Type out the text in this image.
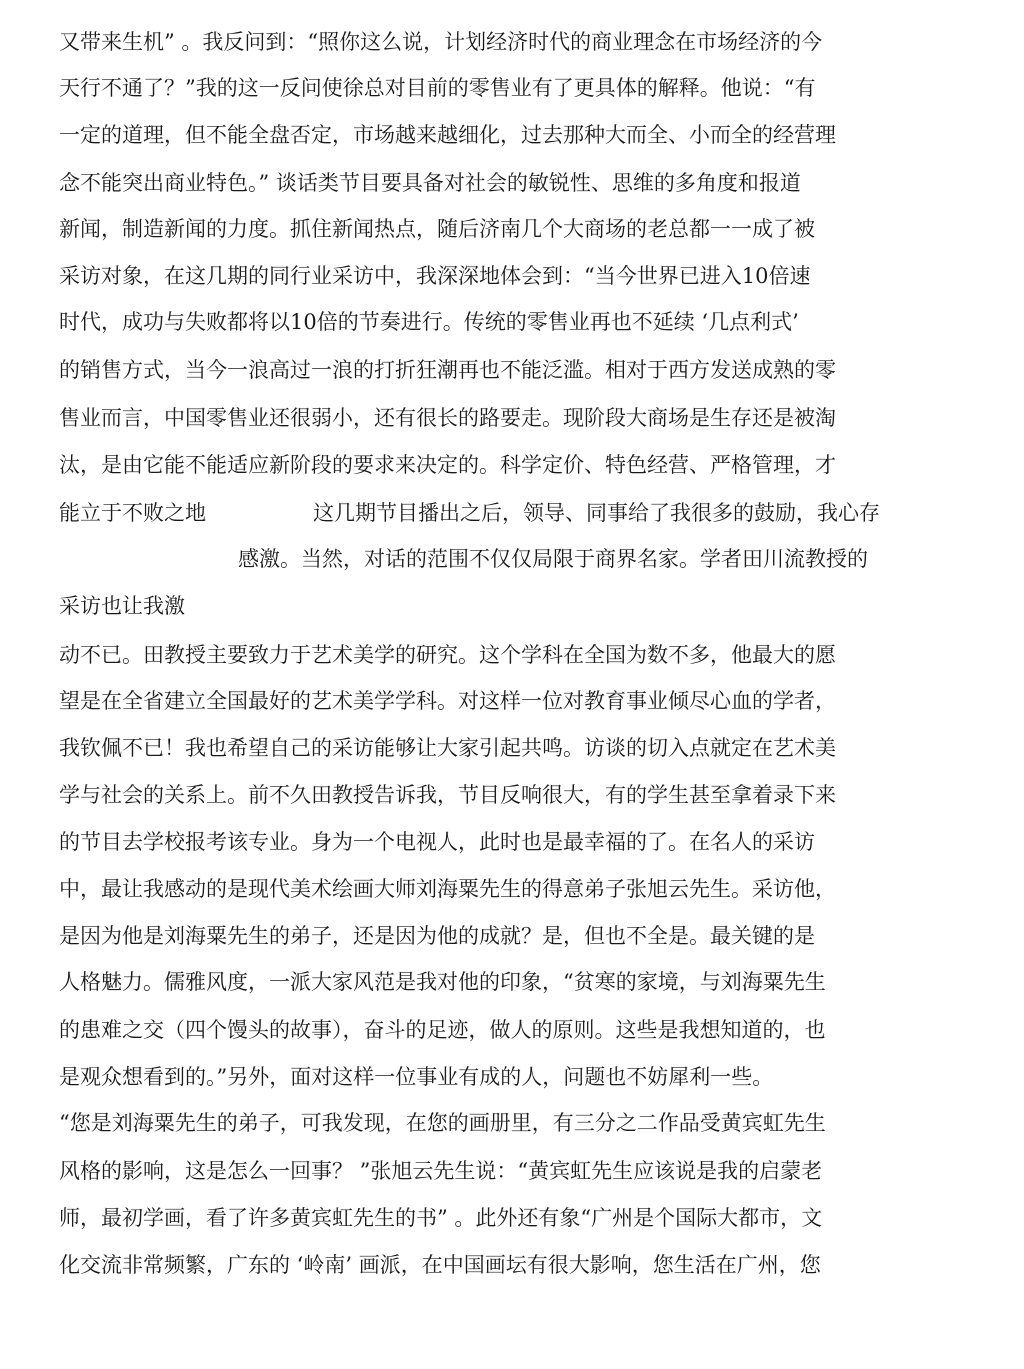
又带来生机” 。我反问到：“照你这么说，计划经济时代的商业理念在市场经济的今
天行不通了？”我的这一反问使徐总对目前的零售业有了更具体的解释。他说：“有
一定的道理，但不能全盘否定，市场越来越细化，过去那种大而全、小而全的经营理
念不能突出商业特色。” 谈话类节目要具备对社会的敏锐性、思维的多角度和报道
新闻，制造新闻的力度。抓住新闻热点，随后济南几个大商场的老总都一一成了被
采访对象，在这几期的同行业采访中，我深深地体会到：“当今世界已进入10倍速
时代，成功与失败都将以10倍的节奏进行。传统的零售业再也不延续 ‘几点利式’
的销售方式，当今一浪高过一浪的打折狂潮再也不能泛滥。相对于西方发送成熟的零
售业而言，中国零售业还很弱小，还有很长的路要走。现阶段大商场是生存还是被淘
汰，是由它能不能适应新阶段的要求来决定的。科学定价、特色经营、严格管理，才
能立于不败之地	这几期节目播出之后，领导、同事给了我很多的鼓励，我心存
感激。当然，对话的范围不仅仅局限于商界名家。学者田川流教授的
采访也让我激
动不已。田教授主要致力于艺术美学的研究。这个学科在全国为数不多，他最大的愿
望是在全省建立全国最好的艺术美学学科。对这样一位对教育事业倾尽心血的学者，
我钦佩不已！我也希望自己的采访能够让大家引起共鸣。访谈的切入点就定在艺术美
学与社会的关系上。前不久田教授告诉我，节目反响很大，有的学生甚至拿着录下来
的节目去学校报考该专业。身为一个电视人，此时也是最幸福的了。在名人的采访
中，最让我感动的是现代美术绘画大师刘海粟先生的得意弟子张旭云先生。采访他，
是因为他是刘海粟先生的弟子，还是因为他的成就？是，但也不全是。最关键的是
人格魅力。儒雅风度，一派大家风范是我对他的印象，“贫寒的家境，与刘海粟先生
的患难之交（四个馒头的故事），奋斗的足迹，做人的原则。这些是我想知道的，也
是观众想看到的。”另外，面对这样一位事业有成的人，问题也不妨犀利一些。
“您是刘海粟先生的弟子，可我发现，在您的画册里，有三分之二作品受黄宾虹先生
风格的影响，这是怎么一回事？ ”张旭云先生说：“黄宾虹先生应该说是我的启蒙老
师，最初学画，看了许多黄宾虹先生的书” 。此外还有象“广州是个国际大都市，文
化交流非常频繁，广东的 ‘岭南’ 画派，在中国画坛有很大影响，您生活在广州，您
